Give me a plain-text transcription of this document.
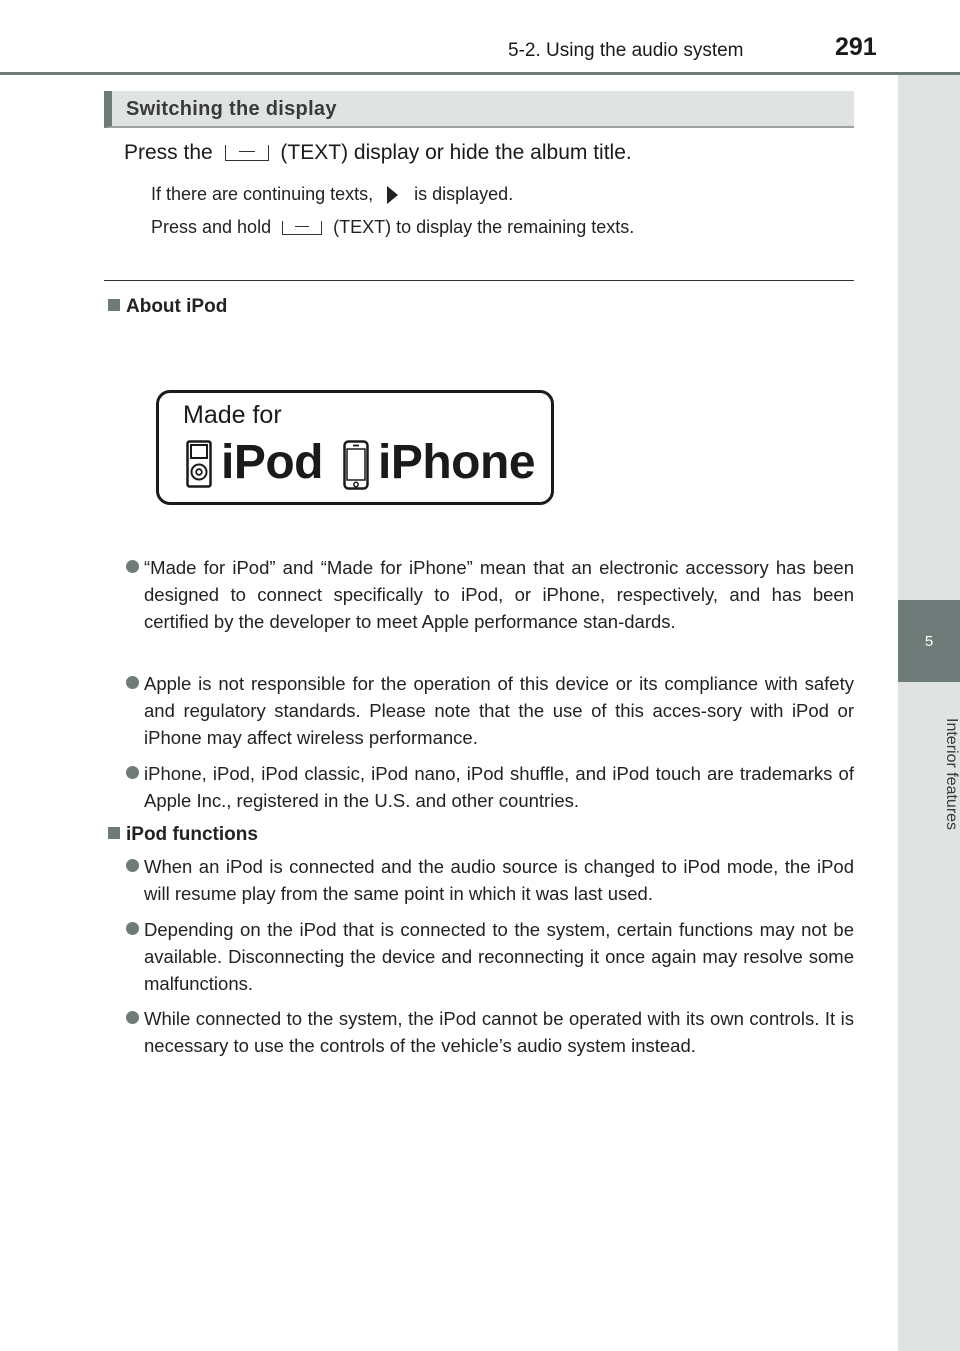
5-2. Using the audio system	291
5
Interior features
Switching the display
Press the	(TEXT) display or hide the album title.
If there are continuing texts, is displayed.
Press and hold	(TEXT) to display the remaining texts.
About iPod
Made for
iPod iPhone
“Made for iPod” and “Made for iPhone” mean that an electronic accessory has been designed to connect specifically to iPod, or iPhone, respectively, and has been certified by the developer to meet Apple performance stan-dards.
Apple is not responsible for the operation of this device or its compliance with safety and regulatory standards. Please note that the use of this acces-sory with iPod or iPhone may affect wireless performance.
iPhone, iPod, iPod classic, iPod nano, iPod shuffle, and iPod touch are trademarks of Apple Inc., registered in the U.S. and other countries.
iPod functions
When an iPod is connected and the audio source is changed to iPod mode, the iPod will resume play from the same point in which it was last used.
Depending on the iPod that is connected to the system, certain functions may not be available. Disconnecting the device and reconnecting it once again may resolve some malfunctions.
While connected to the system, the iPod cannot be operated with its own controls. It is necessary to use the controls of the vehicle’s audio system instead.
